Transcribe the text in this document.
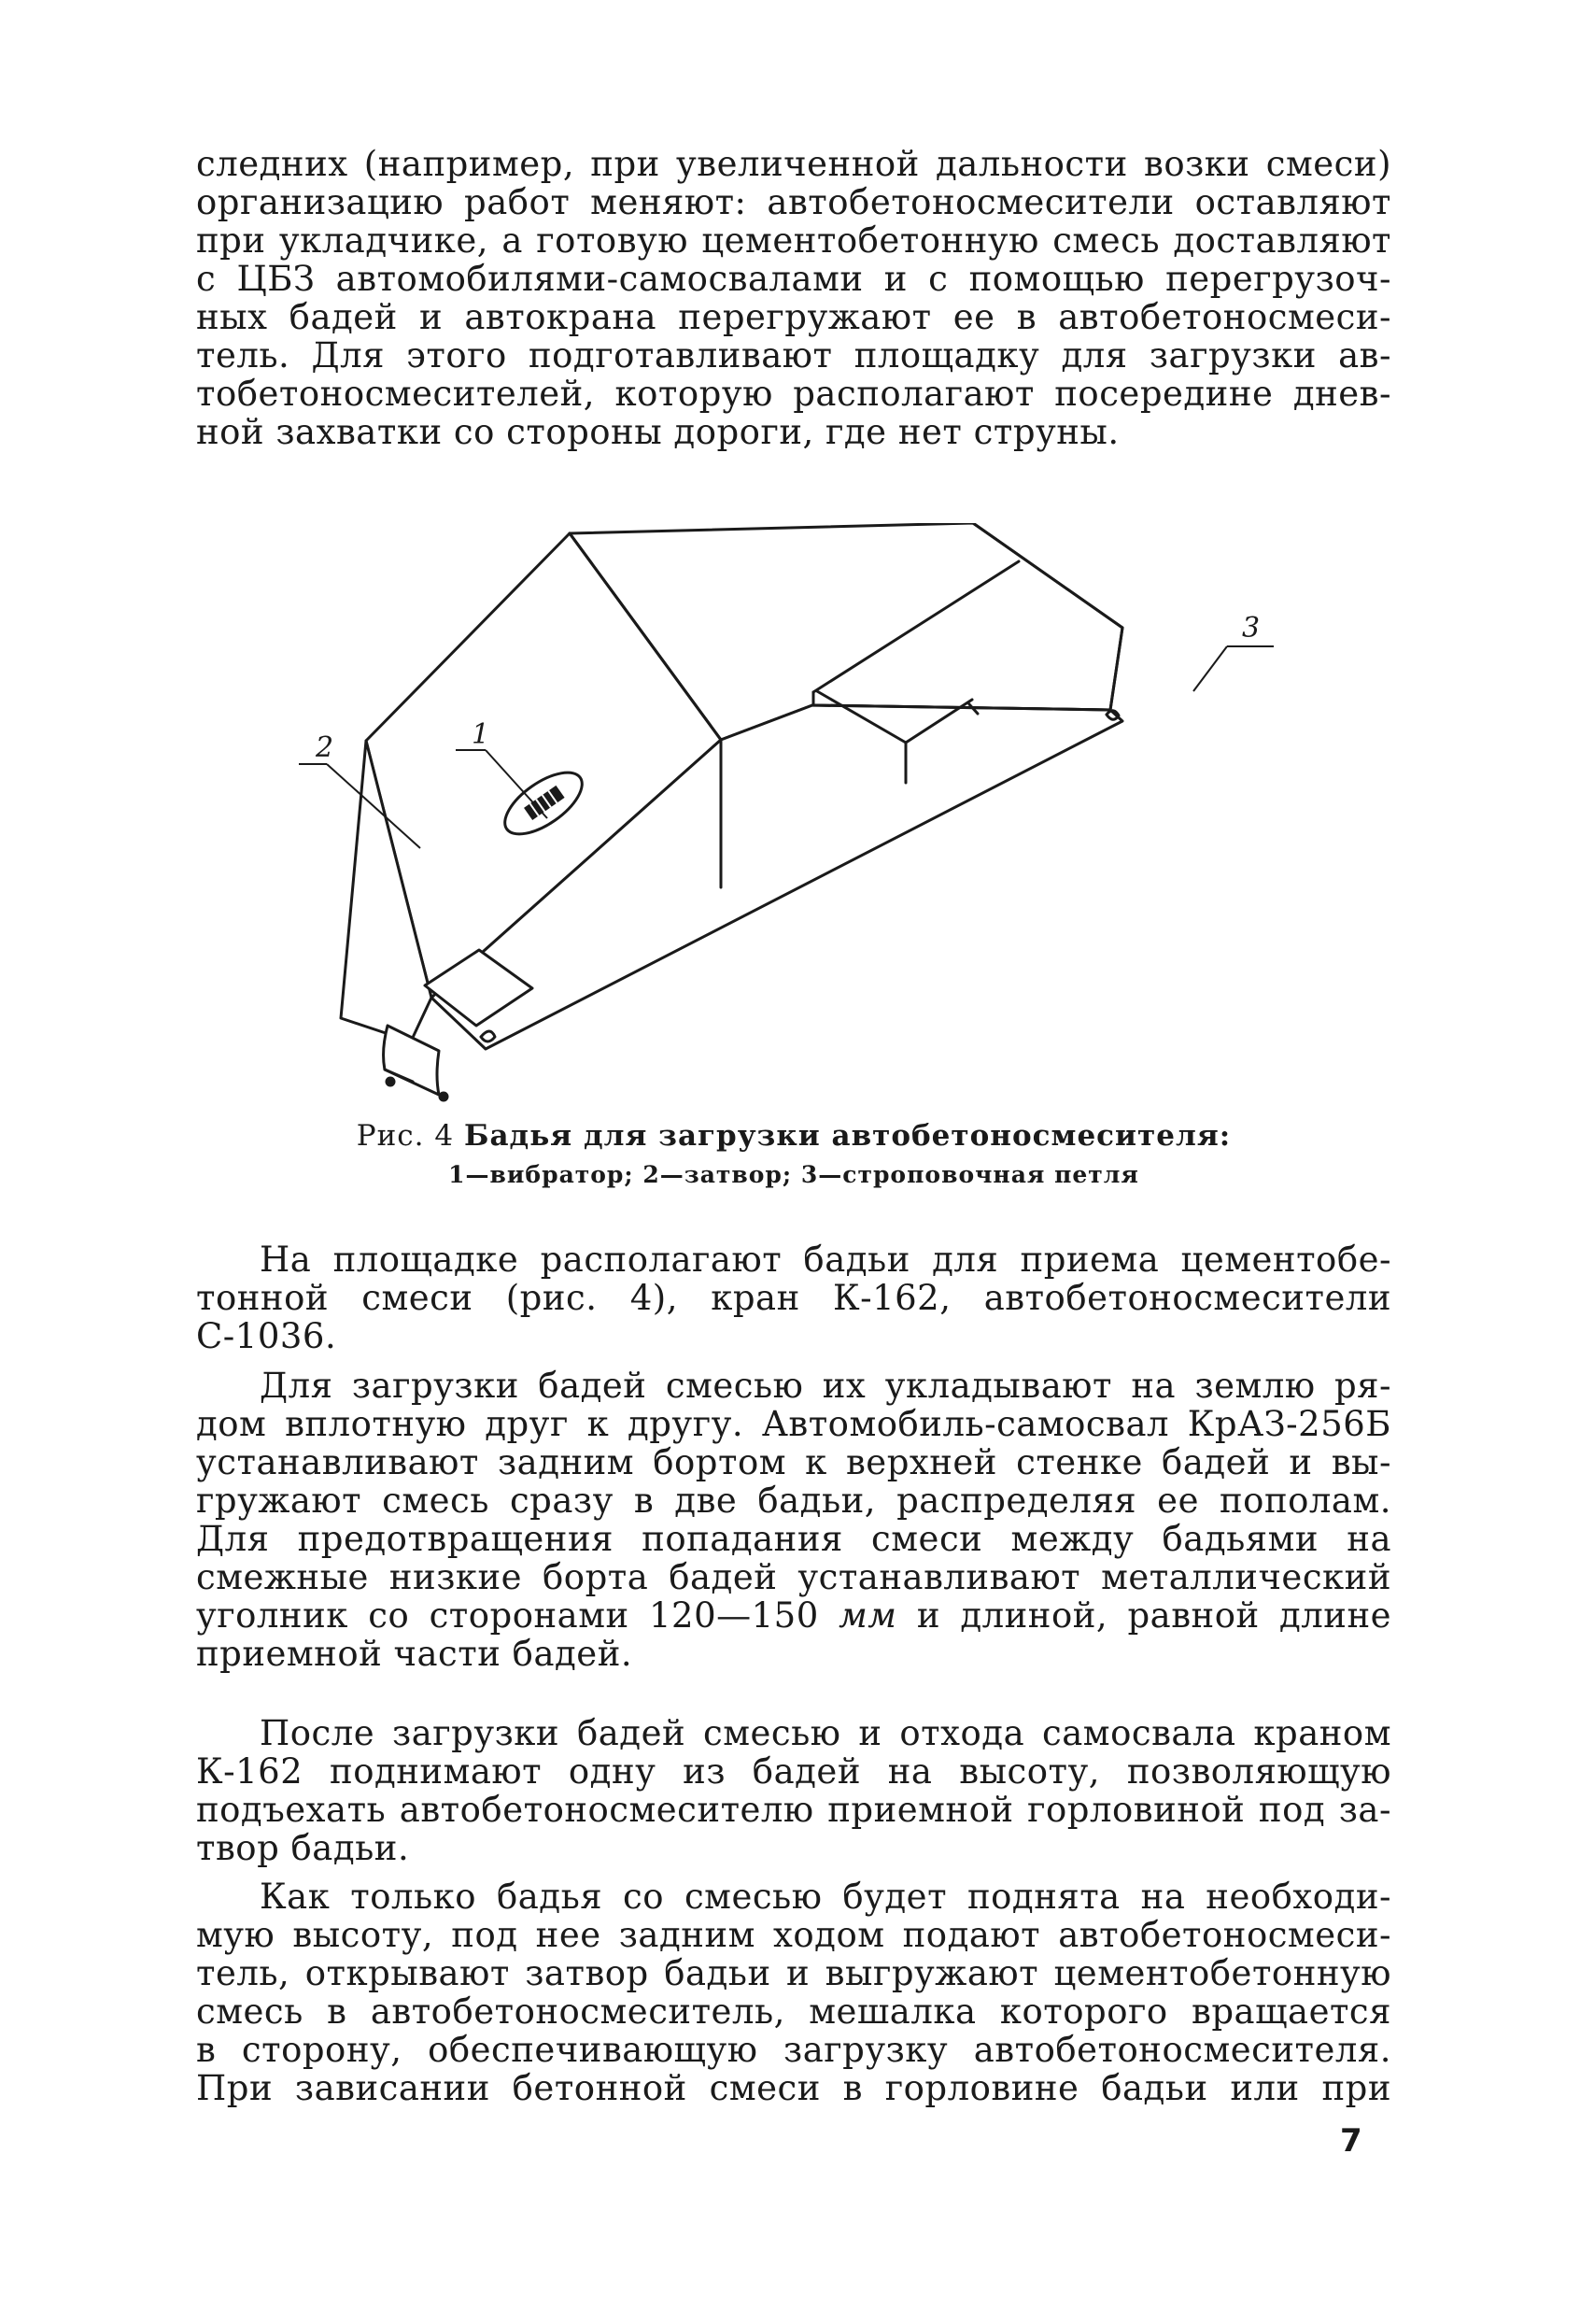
следних (например, при увеличенной дальности возки смеси)
организацию работ меняют: автобетоносмесители оставляют
при укладчике, а готовую цементобетонную смесь доставляют
с ЦБЗ автомобилями-самосвалами и с помощью перегрузоч-
ных бадей и автокрана перегружают ее в автобетоносмеси-
тель. Для этого подготавливают площадку для загрузки ав-
тобетоносмесителей, которую располагают посередине днев-
ной захватки со стороны дороги, где нет струны.
1
2
3
Рис. 4 Бадья для загрузки автобетоносмесителя:
1—вибратор; 2—затвор; 3—строповочная петля
На площадке располагают бадьи для приема цементобе-
тонной смеси (рис. 4), кран К-162, автобетоносмесители
С-1036.
Для загрузки бадей смесью их укладывают на землю ря-
дом вплотную друг к другу. Автомобиль-самосвал КрАЗ-256Б
устанавливают задним бортом к верхней стенке бадей и вы-
гружают смесь сразу в две бадьи, распределяя ее пополам.
Для предотвращения попадания смеси между бадьями на
смежные низкие борта бадей устанавливают металлический
уголник со сторонами 120—150 мм и длиной, равной длине
приемной части бадей.
После загрузки бадей смесью и отхода самосвала краном
К-162 поднимают одну из бадей на высоту, позволяющую
подъехать автобетоносмесителю приемной горловиной под за-
твор бадьи.
Как только бадья со смесью будет поднята на необходи-
мую высоту, под нее задним ходом подают автобетоносмеси-
тель, открывают затвор бадьи и выгружают цементобетонную
смесь в автобетоносмеситель, мешалка которого вращается
в сторону, обеспечивающую загрузку автобетоносмесителя.
При зависании бетонной смеси в горловине бадьи или при
7
